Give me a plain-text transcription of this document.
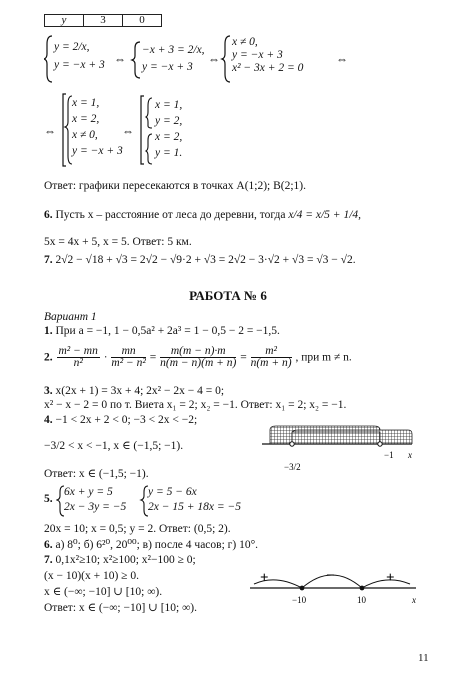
y	3	0
y = 2/x,
y = −x + 3 ⇔
−x + 3 = 2/x,
y = −x + 3
⇔
x ≠ 0,
y = −x + 3
x² − 3x + 2 = 0
⇔
⇔
x = 1,
x = 2,
x ≠ 0,
y = −x + 3
⇔
x = 1,
y = 2,
x = 2,
y = 1.
Ответ: графики пересекаются в точках A(1;2); B(2;1).
6. Пусть x – расстояние от леса до деревни, тогда x/4 = x/5 + 1/4,
5x = 4x + 5, x = 5. Ответ: 5 км.
7. 2√2 − √18 + √3 = 2√2 − √9·2 + √3 = 2√2 − 3·√2 + √3 = √3 − √2.
РАБОТА № 6
Вариант 1
1. При a = −1, 1 − 0,5a² + 2a³ = 1 − 0,5 − 2 = −1,5.
2. $\frac{\text{m² − mn}}{\text{n²}} \cdot \frac{mn}{\text{m² − n²}} = \frac{m(m - n)\cdot m}{n(m - n)(m + n)} = \frac{\text{m²}}{n(m + n)}$ , при m ≠ n.
3. x(2x + 1) = 3x + 4; 2x² − 2x − 4 = 0;
x² − x − 2 = 0 по т. Виета x₁ = 2; x₂ = −1. Ответ: x₁ = 2; x₂ = −1.
4. −1 < 2x + 2 < 0; −3 < 2x < −2;
−3/2 < x < −1, x ∈ (−1,5; −1).
Ответ: x ∈ (−1,5; −1).
−1 x
−3/2
5.
6x + y = 5
2x − 3y = −5
y = 5 − 6x
2x − 15 + 18x = −5
20x = 10; x = 0,5; y = 2. Ответ: (0,5; 2).
6. а) 8⁰; б) 6²⁰, 20⁰⁰; в) после 4 часов; г) 10°.
7. 0,1x²≥10; x²≥100; x²−100 ≥ 0;
(x − 10)(x + 10) ≥ 0.
x ∈ (−∞; −10] ∪ [10; ∞).
Ответ: x ∈ (−∞; −10] ∪ [10; ∞).
+	−	+
−10	10	x
11
